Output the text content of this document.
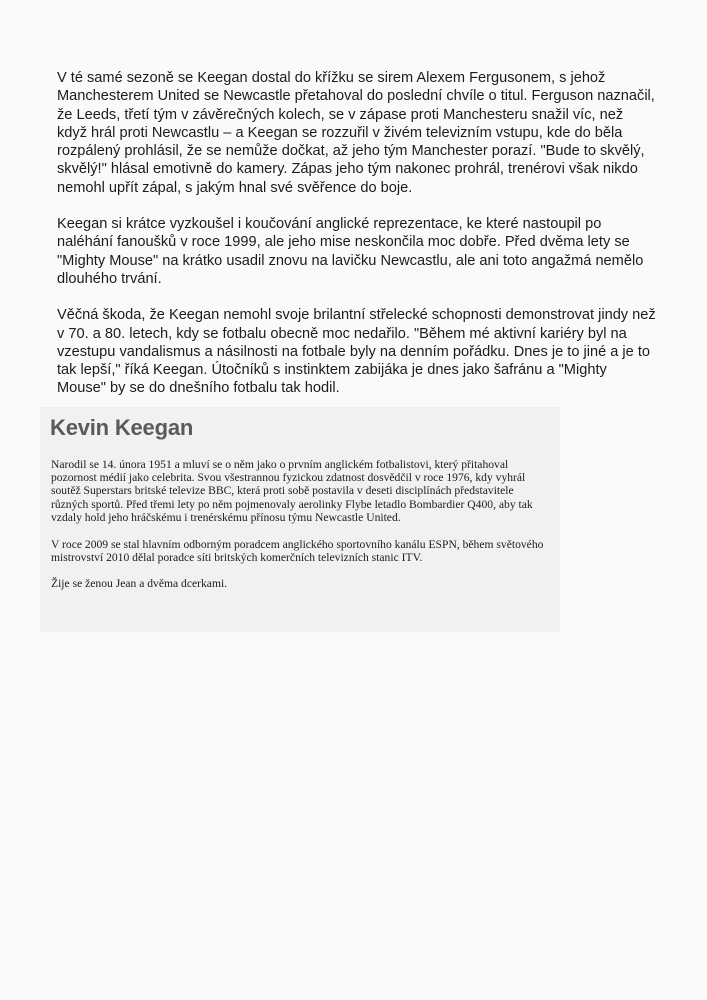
V té samé sezoně se Keegan dostal do křížku se sirem Alexem Fergusonem, s jehož Manchesterem United se Newcastle přetahoval do poslední chvíle o titul. Ferguson naznačil, že Leeds, třetí tým v závěrečných kolech, se v zápase proti Manchesteru snažil víc, než když hrál proti Newcastlu – a Keegan se rozzuřil v živém televizním vstupu, kde do běla rozpálený prohlásil, že se nemůže dočkat, až jeho tým Manchester porazí. "Bude to skvělý, skvělý!" hlásal emotivně do kamery. Zápas jeho tým nakonec prohrál, trenérovi však nikdo nemohl upřít zápal, s jakým hnal své svěřence do boje.

Keegan si krátce vyzkoušel i koučování anglické reprezentace, ke které nastoupil po naléhání fanoušků v roce 1999, ale jeho mise neskončila moc dobře. Před dvěma lety se "Mighty Mouse" na krátko usadil znovu na lavičku Newcastlu, ale ani toto angažmá nemělo dlouhého trvání.

Věčná škoda, že Keegan nemohl svoje brilantní střelecké schopnosti demonstrovat jindy než v 70. a 80. letech, kdy se fotbalu obecně moc nedařilo. "Během mé aktivní kariéry byl na vzestupu vandalismus a násilnosti na fotbale byly na denním pořádku. Dnes je to jiné a je to tak lepší," říká Keegan. Útočníků s instinktem zabijáka je dnes jako šafránu a "Mighty Mouse" by se do dnešního fotbalu tak hodil.

Kevin Keegan

Narodil se 14. února 1951 a mluví se o něm jako o prvním anglickém fotbalistovi, který přitahoval pozornost médií jako celebrita. Svou všestrannou fyzickou zdatnost dosvědčil v roce 1976, kdy vyhrál soutěž Superstars britské televize BBC, která proti sobě postavila v deseti disciplínách představitele různých sportů. Před třemi lety po něm pojmenovaly aerolinky Flybe letadlo Bombardier Q400, aby tak vzdaly hold jeho hráčskému i trenérskému přínosu týmu Newcastle United.

V roce 2009 se stal hlavním odborným poradcem anglického sportovního kanálu ESPN, během světového mistrovství 2010 dělal poradce síti britských komerčních televizních stanic ITV.

Žije se ženou Jean a dvěma dcerkami.
